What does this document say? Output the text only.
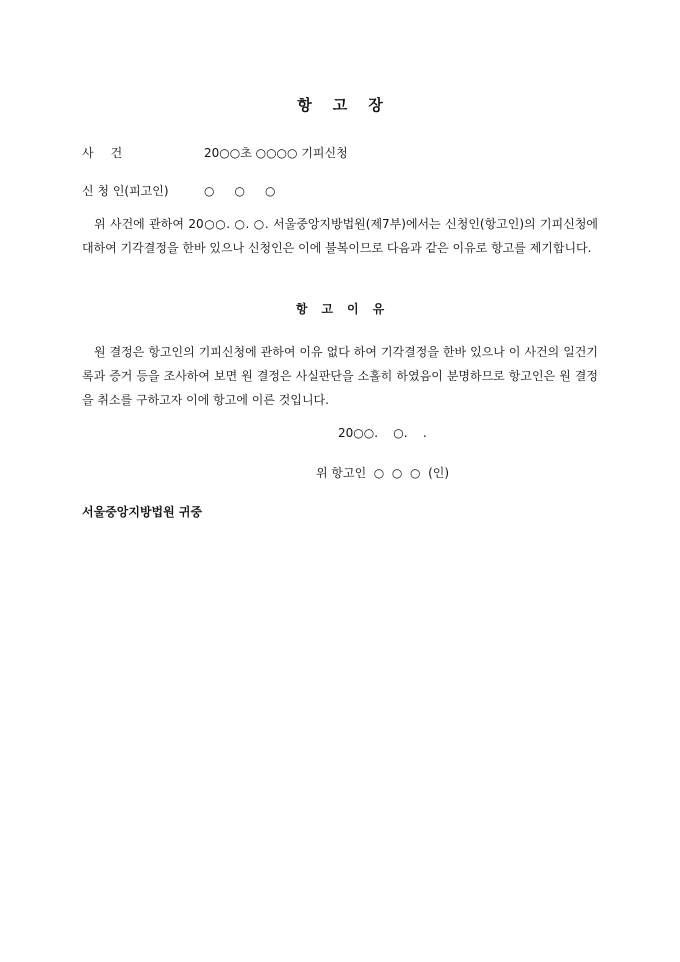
항고장
사건	20○○초 ○○○○ 기피신청
신 청 인(피고인)	○○○
위 사건에 관하여 20○○. ○. ○. 서울중앙지방법원(제7부)에서는 신청인(항고인)의 기피신청에 대하여 기각결정을 한바 있으나 신청인은 이에 불복이므로 다음과 같은 이유로 항고를 제기합니다.
항고이유
원 결정은 항고인의 기피신청에 관하여 이유 없다 하여 기각결정을 한바 있으나 이 사건의 일건기록과 증거 등을 조사하여 보면 원 결정은 사실판단을 소홀히 하였음이 분명하므로 항고인은 원 결정을 취소를 구하고자 이에 항고에 이른 것입니다.
20○○.    ○.    .
위 항고인  ○  ○  ○  (인)
서울중앙지방법원 귀중
